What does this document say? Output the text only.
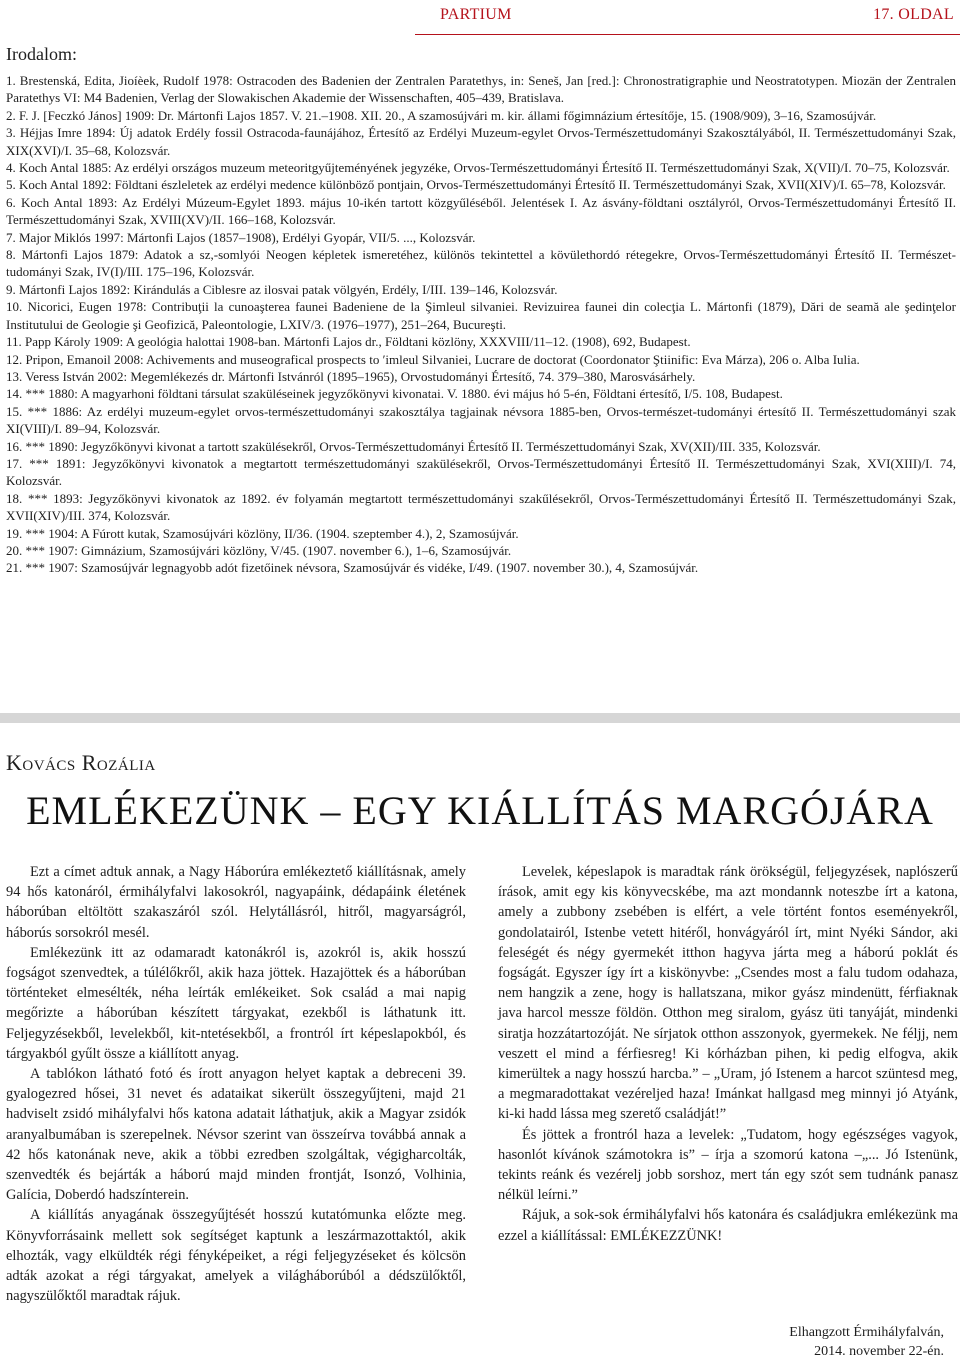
PARTIUM	17. OLDAL
Irodalom:
1. Brestenská, Edita, Jioíèek, Rudolf 1978: Ostracoden des Badenien der Zentralen Paratethys, in: Seneš, Jan [red.]: Chronostratigraphie und Neostratotypen. Miozän der Zentralen Paratethys VI: M4 Badenien, Verlag der Slowakischen Akademie der Wissenschaften, 405–439, Bratislava.
2. F. J. [Feczkó János] 1909: Dr. Mártonfi Lajos 1857. V. 21.–1908. XII. 20., A szamosújvári m. kir. állami főgimnázium értesítője, 15. (1908/909), 3–16, Szamosújvár.
3. Héjjas Imre 1894: Új adatok Erdély fossil Ostracoda-faunájához, Értesítő az Erdélyi Muzeum-egylet Orvos-Természettudományi Szakosztályából, II. Természettudományi Szak, XIX(XVI)/I. 35–68, Kolozsvár.
4. Koch Antal 1885: Az erdélyi országos muzeum meteoritgyűjteményének jegyzéke, Orvos-Természettudományi Értesítő II. Természettudományi Szak, X(VII)/I. 70–75, Kolozsvár.
5. Koch Antal 1892: Földtani észleletek az erdélyi medence különböző pontjain, Orvos-Természettudományi Értesítő II. Természettudományi Szak, XVII(XIV)/I. 65–78, Kolozsvár.
6. Koch Antal 1893: Az Erdélyi Múzeum-Egylet 1893. május 10-ikén tartott közgyűléséből. Jelentések I. Az ásvány-földtani osztályról, Orvos-Természettudományi Értesítő II. Természettudományi Szak, XVIII(XV)/II. 166–168, Kolozsvár.
7. Major Miklós 1997: Mártonfi Lajos (1857–1908), Erdélyi Gyopár, VII/5. ..., Kolozsvár.
8. Mártonfi Lajos 1879: Adatok a sz,-somlyói Neogen képletek ismeretéhez, különös tekintettel a kövülethordó rétegekre, Orvos-Természettudományi Értesítő II. Természet-tudományi Szak, IV(I)/III. 175–196, Kolozsvár.
9. Mártonfi Lajos 1892: Kirándulás a Ciblesre az ilosvai patak völgyén, Erdély, I/III. 139–146, Kolozsvár.
10. Nicorici, Eugen 1978: Contribuţii la cunoaşterea faunei Badeniene de la Şimleul silvaniei. Revizuirea faunei din colecţia L. Mártonfi (1879), Dări de seamă ale şedinţelor Institutului de Geologie şi Geofizică, Paleontologie, LXIV/3. (1976–1977), 251–264, Bucureşti.
11. Papp Károly 1909: A geológia halottai 1908-ban. Mártonfi Lajos dr., Földtani közlöny, XXXVIII/11–12. (1908), 692, Budapest.
12. Pripon, Emanoil 2008: Achivements and museografical prospects to ʹimleul Silvaniei, Lucrare de doctorat (Coordonator Ştiinific: Eva Márza), 206 o. Alba Iulia.
13. Veress István 2002: Megemlékezés dr. Mártonfi Istvánról (1895–1965), Orvostudományi Értesítő, 74. 379–380, Marosvásárhely.
14. *** 1880: A magyarhoni földtani társulat szaküléseinek jegyzőkönyvi kivonatai. V. 1880. évi május hó 5-én, Földtani értesítő, I/5. 108, Budapest.
15. *** 1886: Az erdélyi muzeum-egylet orvos-természettudományi szakosztálya tagjainak névsora 1885-ben, Orvos-természet-tudományi értesítő II. Természettudományi szak XI(VIII)/I. 89–94, Kolozsvár.
16. *** 1890: Jegyzőkönyvi kivonat a tartott szakülésekről, Orvos-Természettudományi Értesítő II. Természettudományi Szak, XV(XII)/III. 335, Kolozsvár.
17. *** 1891: Jegyzőkönyvi kivonatok a megtartott természettudományi szakülésekről, Orvos-Természettudományi Értesítő II. Természettudományi Szak, XVI(XIII)/I. 74, Kolozsvár.
18. *** 1893: Jegyzőkönyvi kivonatok az 1892. év folyamán megtartott természettudományi szakűlésekről, Orvos-Természettudományi Értesítő II. Természettudományi Szak, XVII(XIV)/III. 374, Kolozsvár.
19. *** 1904: A Fúrott kutak, Szamosújvári közlöny, II/36. (1904. szeptember 4.), 2, Szamosújvár.
20. *** 1907: Gimnázium, Szamosújvári közlöny, V/45. (1907. november 6.), 1–6, Szamosújvár.
21. *** 1907: Szamosújvár legnagyobb adót fizetőinek névsora, Szamosújvár és vidéke, I/49. (1907. november 30.), 4, Szamosújvár.
Kovács Rozália
EMLÉKEZÜNK – EGY KIÁLLÍTÁS MARGÓJÁRA

Ezt a címet adtuk annak, a Nagy Háborúra emlékeztető kiállításnak, amely 94 hős katonáról, érmihályfalvi lakosokról, nagyapáink, dédapáink életének háborúban eltöltött szakaszáról szól. Helytállásról, hitről, magyarságról, háborús sorsokról mesél.

Emlékezünk itt az odamaradt katonákról is, azokról is, akik hosszú fogságot szenvedtek, a túlélőkről, akik haza jöttek. Hazajöttek és a háborúban történteket elmesélték, néha leírták emlékeiket. Sok család a mai napig megőrizte a háborúban készített tárgyakat, ezekből is láthatunk itt. Feljegyzésekből, levelekből, kit-ntetésekből, a frontról írt képeslapokból, és tárgyakból gyűlt össze a kiállított anyag.

A tablókon látható fotó és írott anyagon helyet kaptak a debreceni 39. gyalogezred hősei, 31 nevet és adataikat sikerült összegyűjteni, majd 21 hadviselt zsidó mihályfalvi hős katona adatait láthatjuk, akik a Magyar zsidók aranyalbumában is szerepelnek. Névsor szerint van összeírva továbbá annak a 42 hős katonának neve, akik a többi ezredben szolgáltak, végigharcolták, szenvedték és bejárták a háború majd minden frontját, Isonzó, Volhinia, Galícia, Doberdó hadszínterein.

A kiállítás anyagának összegyűjtését hosszú kutatómunka előzte meg. Könyvforrásaink mellett sok segítséget kaptunk a leszármazottaktól, akik elhozták, vagy elküldték régi fényképeiket, a régi feljegyzéseket és kölcsön adták azokat a régi tárgyakat, amelyek a világháborúból a dédszülőktől, nagyszülőktől maradtak rájuk.

Levelek, képeslapok is maradtak ránk örökségül, feljegyzések, naplószerű írások, amit egy kis könyvecskébe, ma azt mondannk noteszbe írt a katona, amely a zubbony zsebében is elfért, a vele történt fontos eseményekről, gondolatairól, Istenbe vetett hitéről, honvágyáról írt, mint Nyéki Sándor, aki feleségét és négy gyermekét itthon hagyva járta meg a háború poklát és fogságát. Egyszer így írt a kiskönyvbe: „Csendes most a falu tudom odahaza, nem hangzik a zene, hogy is hallatszana, mikor gyász mindenütt, férfiaknak java harcol messze földön. Otthon meg siralom, gyász üti tanyáját, mindenki siratja hozzátartozóját. Ne sírjatok otthon asszonyok, gyermekek. Ne féljj, nem veszett el mind a férfiesreg! Ki kórházban pihen, ki pedig elfogva, akik kimerültek a nagy hosszú harcba.” – „Uram, jó Istenem a harcot szüntesd meg, a megmaradottakat vezéreljed haza! Imánkat hallgasd meg minnyi jó Atyánk, ki-ki hadd lássa meg szerető családját!”

És jöttek a frontról haza a levelek: „Tudatom, hogy egészséges vagyok, hasonlót kívánok számotokra is” – írja a szomorú katona –„... Jó Istenünk, tekints reánk és vezérelj jobb sorshoz, mert tán egy szót sem tudnánk panasz nélkül leírni.”

Rájuk, a sok-sok érmihályfalvi hős katonára és családjukra emlékezünk ma ezzel a kiállítással: EMLÉKEZZÜNK!

Elhangzott Érmihályfalván,
2014. november 22-én.
